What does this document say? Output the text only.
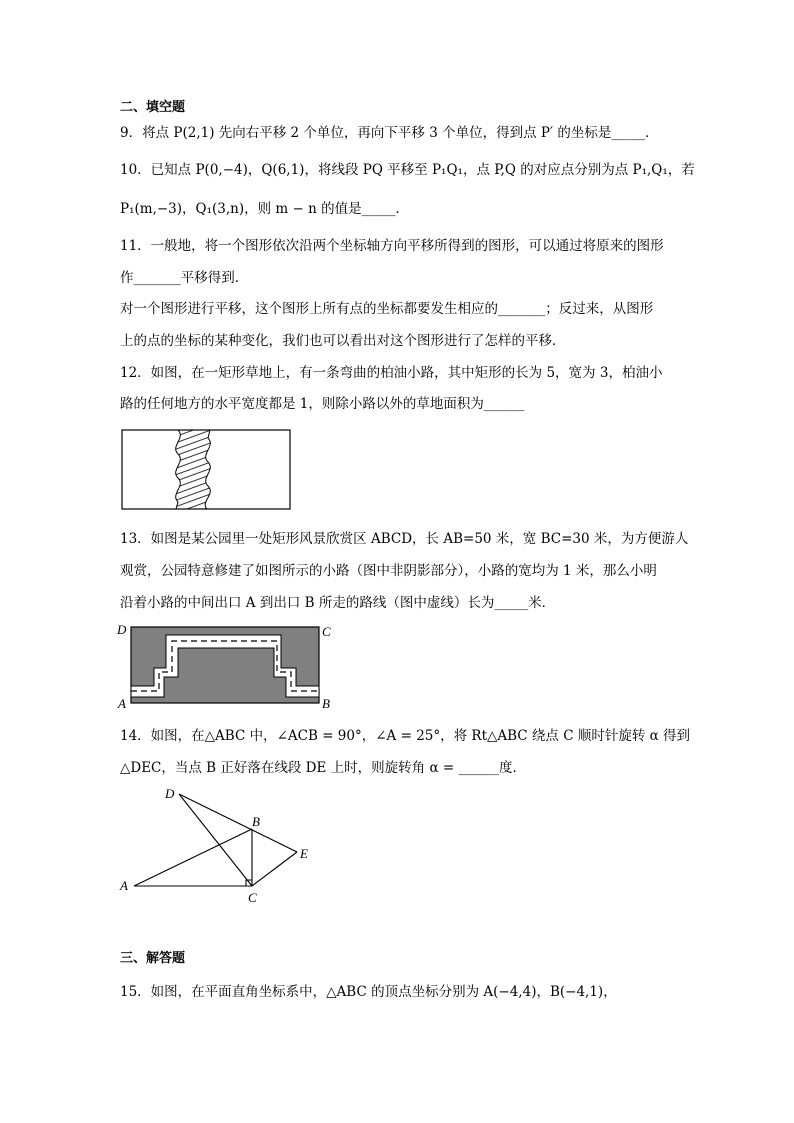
二、填空题
9．将点 P(2,1) 先向右平移 2 个单位，再向下平移 3 个单位，得到点 P′ 的坐标是_____．
10．已知点 P(0,−4)，Q(6,1)，将线段 PQ 平移至 P₁Q₁，点 P,Q 的对应点分别为点 P₁,Q₁，若
P₁(m,−3)，Q₁(3,n)，则 m − n 的值是_____．
11．一般地，将一个图形依次沿两个坐标轴方向平移所得到的图形，可以通过将原来的图形
作_______平移得到．
对一个图形进行平移，这个图形上所有点的坐标都要发生相应的_______；反过来，从图形
上的点的坐标的某种变化，我们也可以看出对这个图形进行了怎样的平移．
12．如图，在一矩形草地上，有一条弯曲的柏油小路，其中矩形的长为 5，宽为 3，柏油小
路的任何地方的水平宽度都是 1，则除小路以外的草地面积为______
13．如图是某公园里一处矩形风景欣赏区 ABCD，长 AB=50 米，宽 BC=30 米，为方便游人
观赏，公园特意修建了如图所示的小路（图中非阴影部分），小路的宽均为 1 米，那么小明
沿着小路的中间出口 A 到出口 B 所走的路线（图中虚线）长为_____米．
D	C
A	B
14．如图，在△ABC 中，∠ACB = 90°，∠A = 25°，将 Rt△ABC 绕点 C 顺时针旋转 α 得到
△DEC，当点 B 正好落在线段 DE 上时，则旋转角 α = ______度．
D
B
E
A
C
三、解答题
15．如图，在平面直角坐标系中，△ABC 的顶点坐标分别为 A(−4,4)，B(−4,1)，
